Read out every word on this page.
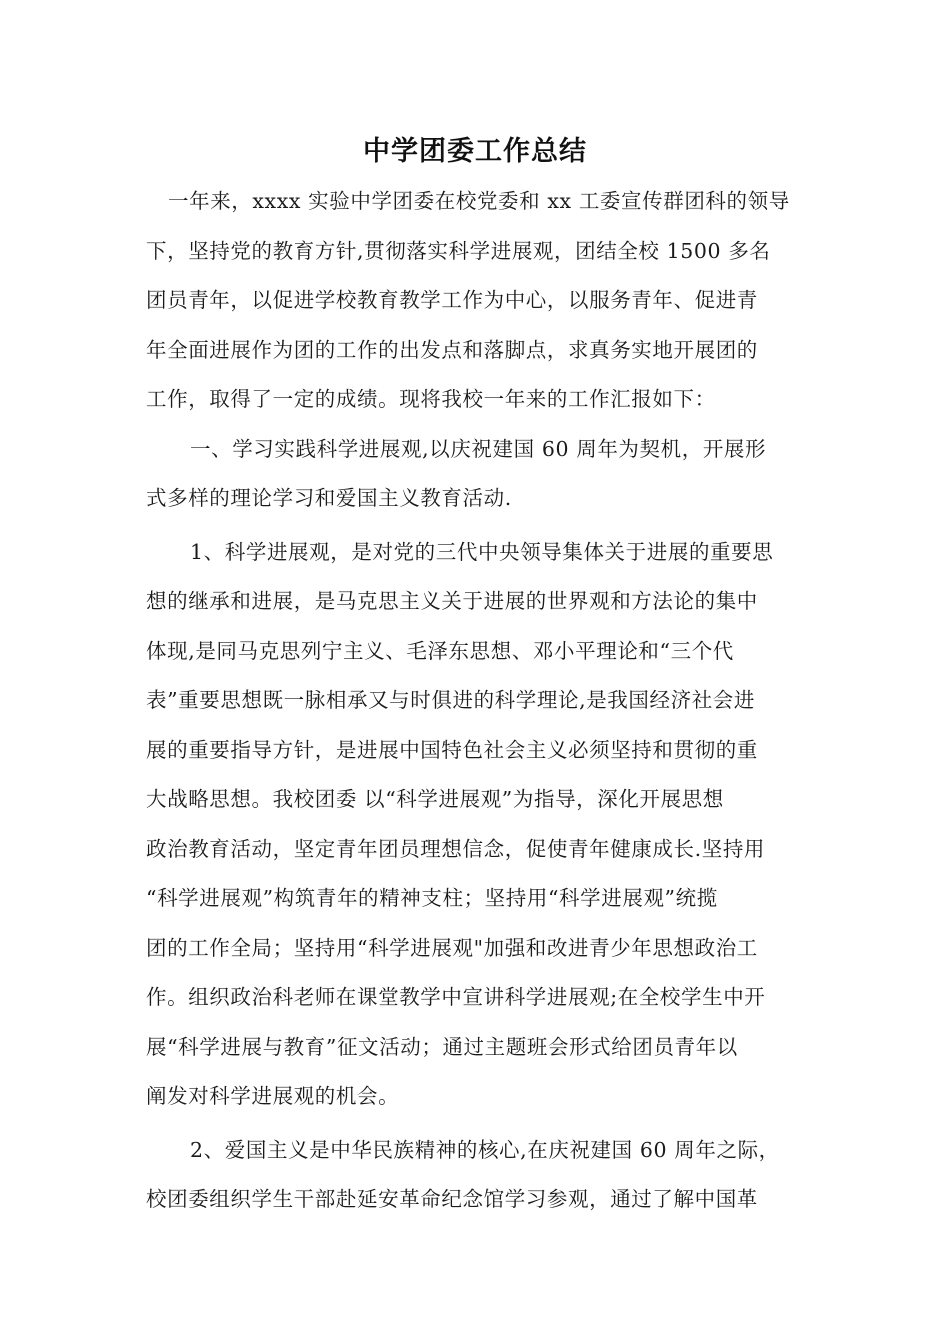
中学团委工作总结
一年来，xxxx 实验中学团委在校党委和 xx 工委宣传群团科的领导
下，坚持党的教育方针,贯彻落实科学进展观，团结全校 1500 多名
团员青年，以促进学校教育教学工作为中心，以服务青年、促进青
年全面进展作为团的工作的出发点和落脚点，求真务实地开展团的
工作，取得了一定的成绩。现将我校一年来的工作汇报如下：
一、学习实践科学进展观,以庆祝建国 60 周年为契机，开展形
式多样的理论学习和爱国主义教育活动.
1、科学进展观，是对党的三代中央领导集体关于进展的重要思
想的继承和进展，是马克思主义关于进展的世界观和方法论的集中
体现,是同马克思列宁主义、毛泽东思想、邓小平理论和“三个代
表”重要思想既一脉相承又与时俱进的科学理论,是我国经济社会进
展的重要指导方针，是进展中国特色社会主义必须坚持和贯彻的重
大战略思想。我校团委 以“科学进展观”为指导，深化开展思想
政治教育活动，坚定青年团员理想信念，促使青年健康成长.坚持用
“科学进展观”构筑青年的精神支柱；坚持用“科学进展观”统揽
团的工作全局；坚持用“科学进展观"加强和改进青少年思想政治工
作。组织政治科老师在课堂教学中宣讲科学进展观;在全校学生中开
展“科学进展与教育”征文活动；通过主题班会形式给团员青年以
阐发对科学进展观的机会。
2、爱国主义是中华民族精神的核心,在庆祝建国 60 周年之际，
校团委组织学生干部赴延安革命纪念馆学习参观，通过了解中国革
